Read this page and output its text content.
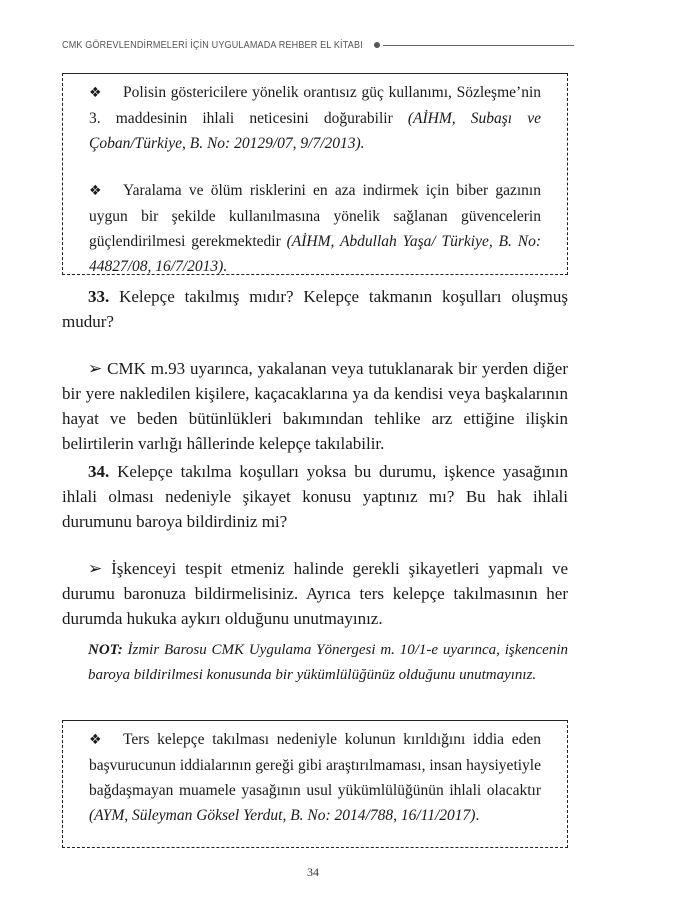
CMK GÖREVLENDİRMELERİ İÇİN UYGULAMADA REHBER EL KİTABI

❖ Polisin göstericilere yönelik orantısız güç kullanımı, Sözleşme’nin 3. maddesinin ihlali neticesini doğurabilir (AİHM, Subaşı ve Çoban/Türkiye, B. No: 20129/07, 9/7/2013).

❖ Yaralama ve ölüm risklerini en aza indirmek için biber gazının uygun bir şekilde kullanılmasına yönelik sağlanan güvencelerin güçlendirilmesi gerekmektedir (AİHM, Abdullah Yaşa/ Türkiye, B. No: 44827/08, 16/7/2013).

33. Kelepçe takılmış mıdır? Kelepçe takmanın koşulları oluşmuş mudur?

➢ CMK m.93 uyarınca, yakalanan veya tutuklanarak bir yerden diğer bir yere nakledilen kişilere, kaçacaklarına ya da kendisi veya başkalarının hayat ve beden bütünlükleri bakımından tehlike arz ettiğine ilişkin belirtilerin varlığı hâllerinde kelepçe takılabilir.

34. Kelepçe takılma koşulları yoksa bu durumu, işkence yasağının ihlali olması nedeniyle şikayet konusu yaptınız mı? Bu hak ihlali durumunu baroya bildirdiniz mi?

➢ İşkenceyi tespit etmeniz halinde gerekli şikayetleri yapmalı ve durumu baronuza bildirmelisiniz. Ayrıca ters kelepçe takılmasının her durumda hukuka aykırı olduğunu unutmayınız.

NOT: İzmir Barosu CMK Uygulama Yönergesi m. 10/1-e uyarınca, işkencenin baroya bildirilmesi konusunda bir yükümlülüğünüz olduğunu unutmayınız.

❖ Ters kelepçe takılması nedeniyle kolunun kırıldığını iddia eden başvurucunun iddialarının gereği gibi araştırılmaması, insan haysiyetiyle bağdaşmayan muamele yasağının usul yükümlülüğünün ihlali olacaktır (AYM, Süleyman Göksel Yerdut, B. No: 2014/788, 16/11/2017).

34
